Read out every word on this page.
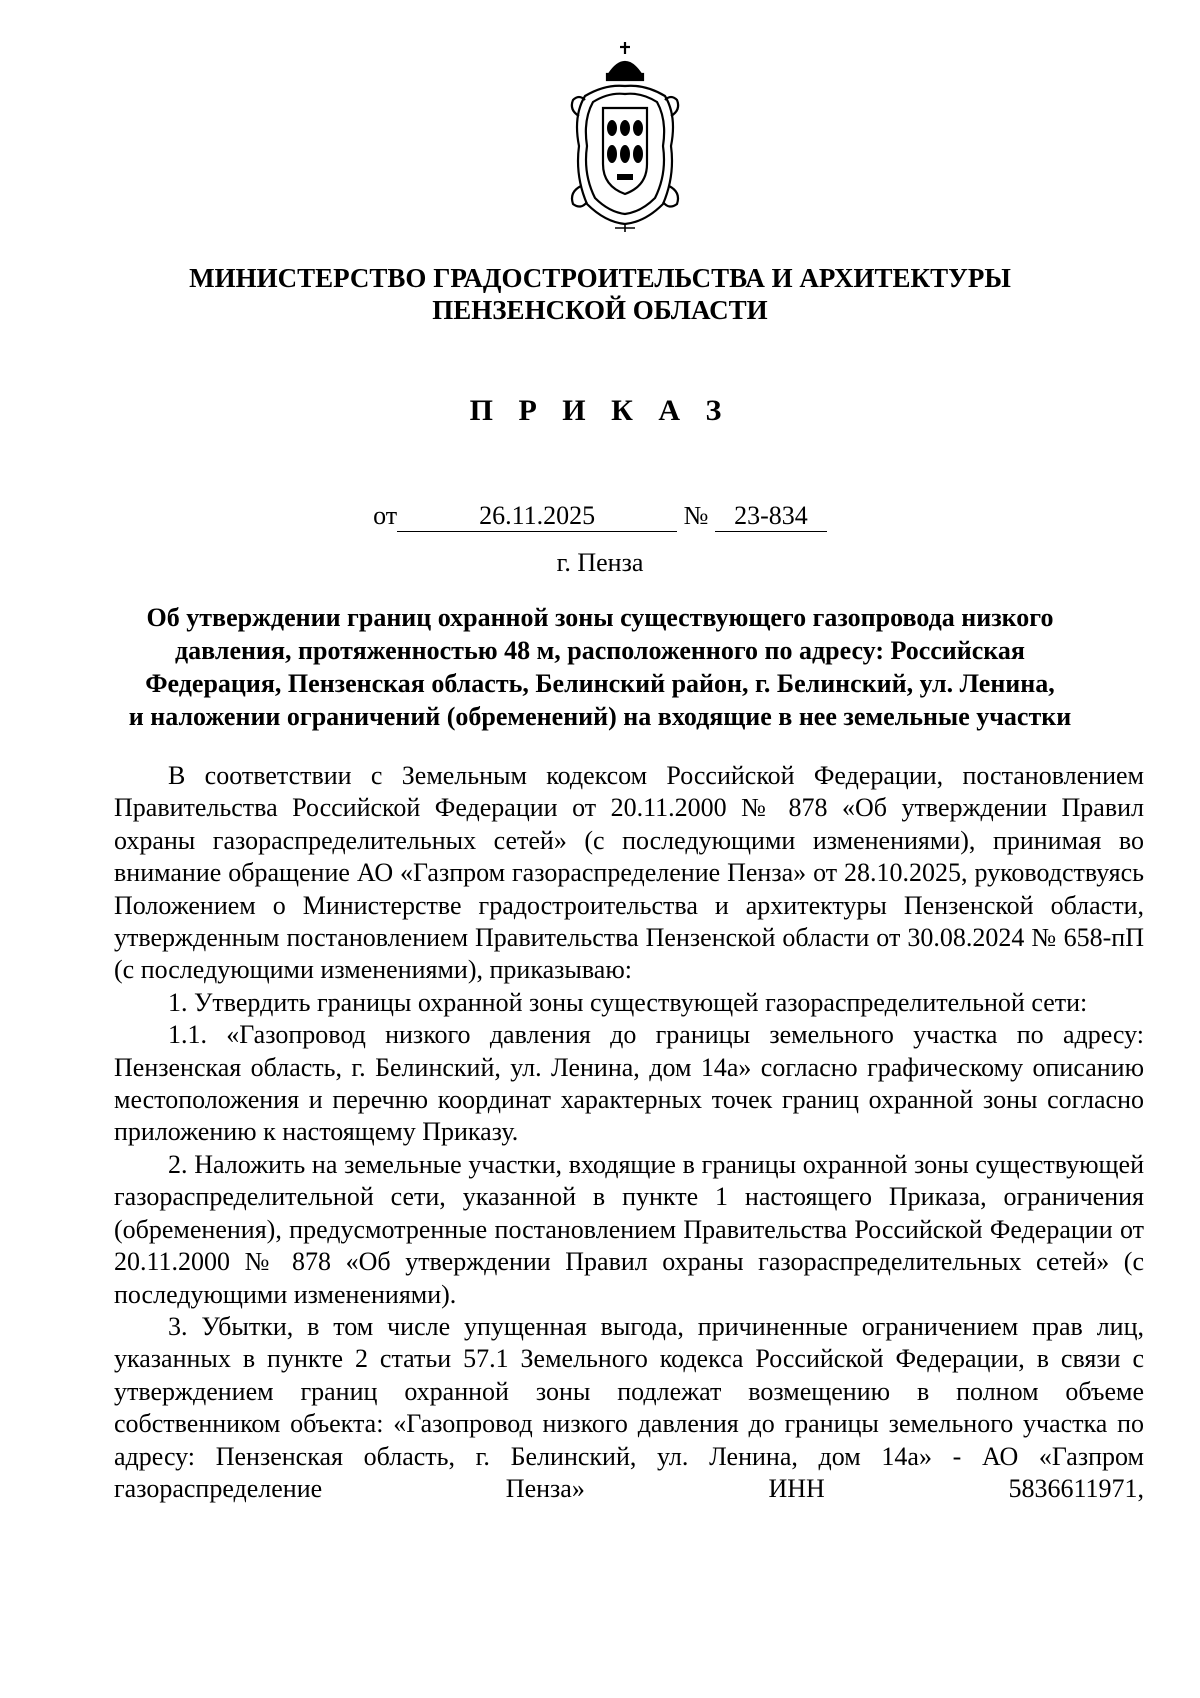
МИНИСТЕРСТВО ГРАДОСТРОИТЕЛЬСТВА И АРХИТЕКТУРЫ
ПЕНЗЕНСКОЙ ОБЛАСТИ
П Р И К А З
от	26.11.2025	№ 23-834
г. Пенза
Об утверждении границ охранной зоны существующего газопровода низкого
давления, протяженностью 48 м, расположенного по адресу: Российская
Федерация, Пензенская область, Белинский район, г. Белинский, ул. Ленина,
и наложении ограничений (обременений) на входящие в нее земельные участки

В соответствии с Земельным кодексом Российской Федерации, постановлением Правительства Российской Федерации от 20.11.2000 № 878 «Об утверждении Правил охраны газораспределительных сетей» (с последующими изменениями), принимая во внимание обращение АО «Газпром газораспределение Пенза» от 28.10.2025, руководствуясь Положением о Министерстве градостроительства и архитектуры Пензенской области, утвержденным постановлением Правительства Пензенской области от 30.08.2024 № 658-пП (с последующими изменениями), приказываю:

1. Утвердить границы охранной зоны существующей газораспределительной сети:

1.1. «Газопровод низкого давления до границы земельного участка по адресу: Пензенская область, г. Белинский, ул. Ленина, дом 14а» согласно графическому описанию местоположения и перечню координат характерных точек границ охранной зоны согласно приложению к настоящему Приказу.

2. Наложить на земельные участки, входящие в границы охранной зоны существующей газораспределительной сети, указанной в пункте 1 настоящего Приказа, ограничения (обременения), предусмотренные постановлением Правительства Российской Федерации от 20.11.2000 № 878 «Об утверждении Правил охраны газораспределительных сетей» (с последующими изменениями).

3. Убытки, в том числе упущенная выгода, причиненные ограничением прав лиц, указанных в пункте 2 статьи 57.1 Земельного кодекса Российской Федерации, в связи с утверждением границ охранной зоны подлежат возмещению в полном объеме собственником объекта: «Газопровод низкого давления до границы земельного участка по адресу: Пензенская область, г. Белинский, ул. Ленина, дом 14а» - АО «Газпром газораспределение Пенза» ИНН 5836611971,
